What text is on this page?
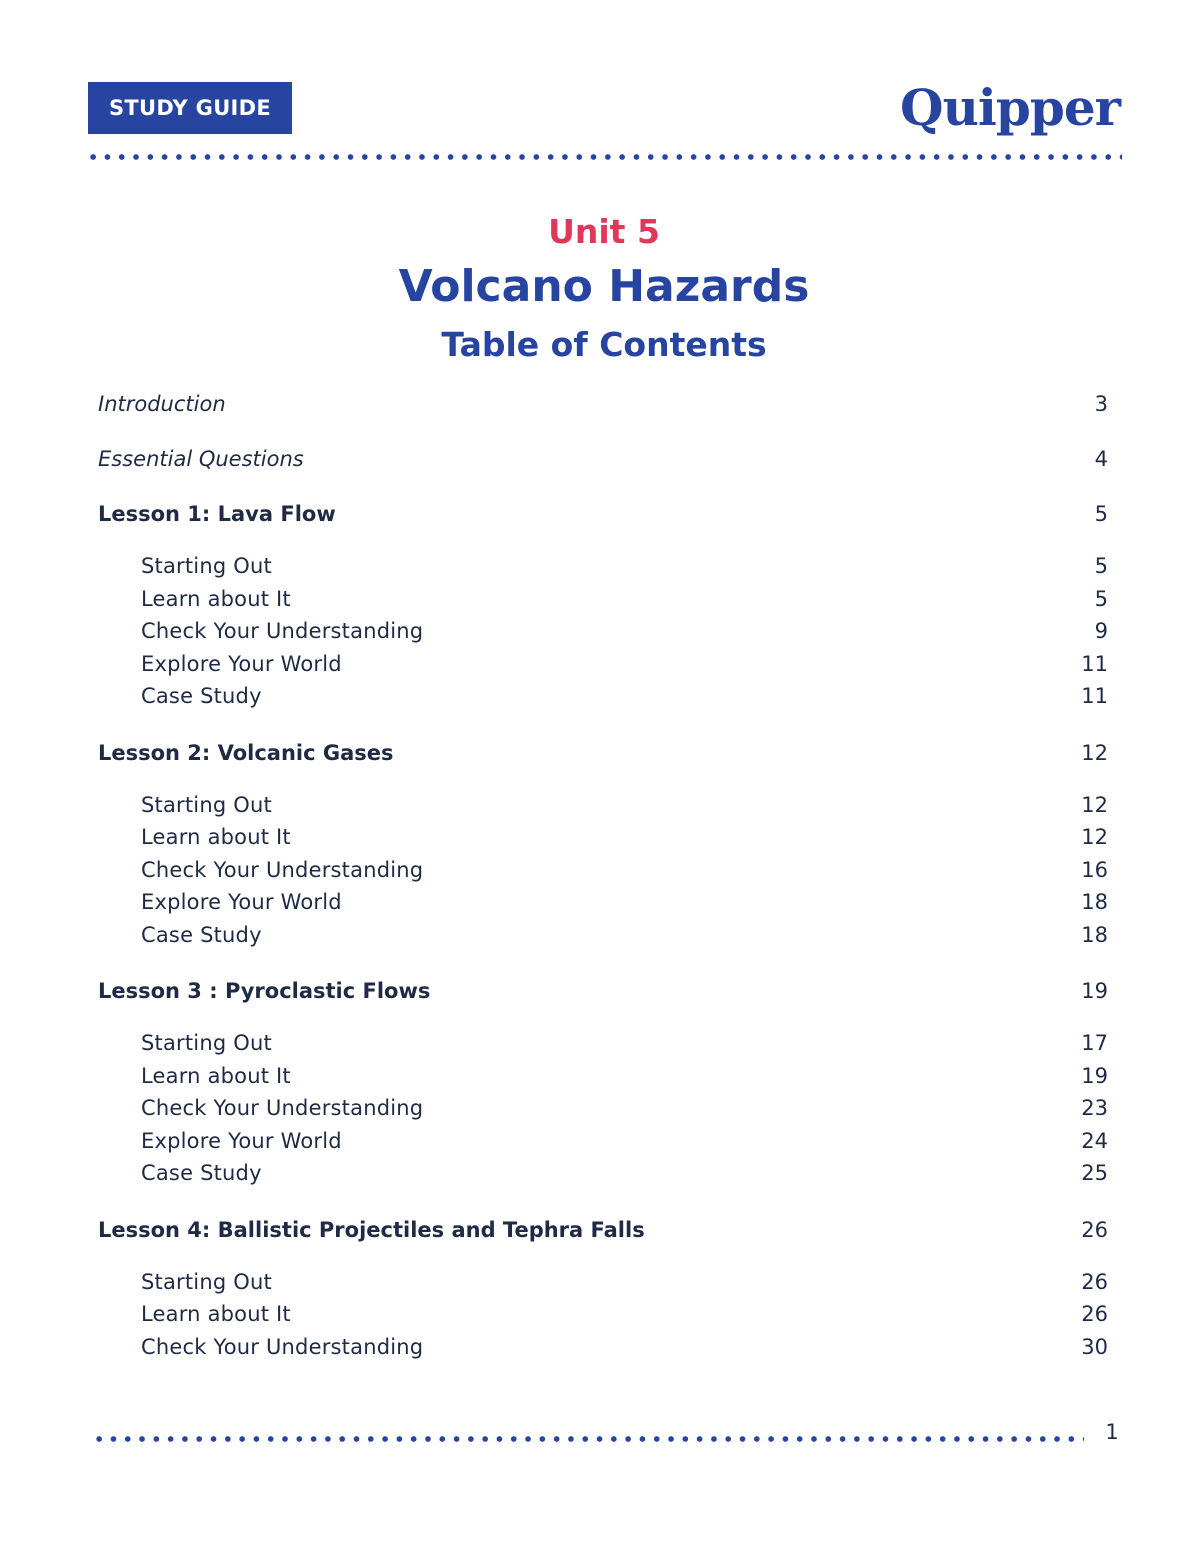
STUDY GUIDE	Quipper
Unit 5
Volcano Hazards
Table of Contents
Introduction	3
Essential Questions	4
Lesson 1: Lava Flow	5
Starting Out	5
Learn about It	5
Check Your Understanding	9
Explore Your World	11
Case Study	11
Lesson 2: Volcanic Gases	12
Starting Out	12
Learn about It	12
Check Your Understanding	16
Explore Your World	18
Case Study	18
Lesson 3 : Pyroclastic Flows	19
Starting Out	17
Learn about It	19
Check Your Understanding	23
Explore Your World	24
Case Study	25
Lesson 4: Ballistic Projectiles and Tephra Falls	26
Starting Out	26
Learn about It	26
Check Your Understanding	30
1
